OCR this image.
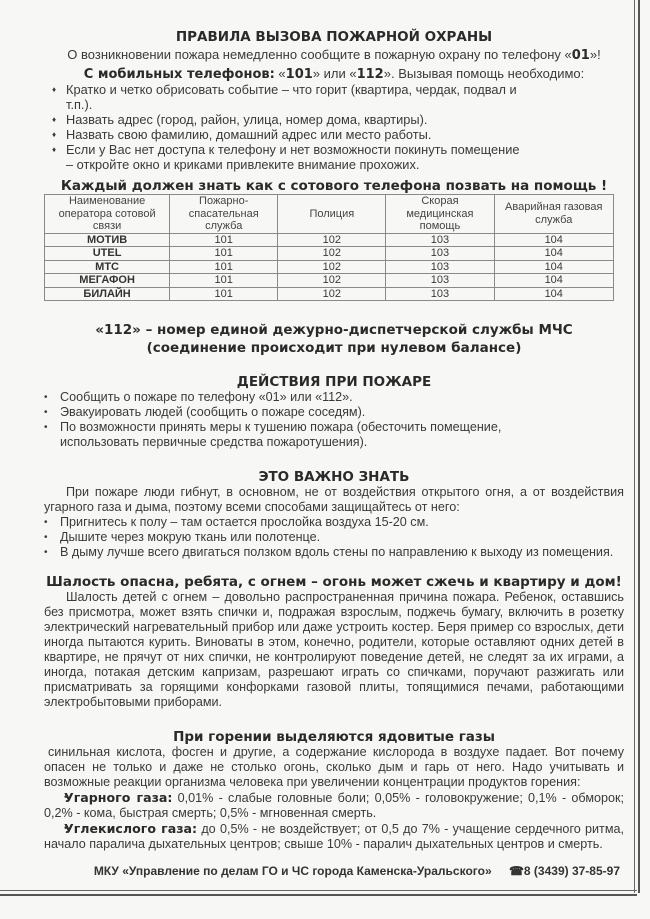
ПРАВИЛА ВЫЗОВА ПОЖАРНОЙ ОХРАНЫ
О возникновении пожара немедленно сообщите в пожарную охрану по телефону «01»!
С мобильных телефонов: «101» или «112». Вызывая помощь необходимо:
♦ Кратко и четко обрисовать событие – что горит (квартира, чердак, подвал и т.п.).
♦ Назвать адрес (город, район, улица, номер дома, квартиры).
♦ Назвать свою фамилию, домашний адрес или место работы.
♦ Если у Вас нет доступа к телефону и нет возможности покинуть помещение – откройте окно и криками привлеките внимание прохожих.
Каждый должен знать как с сотового телефона позвать на помощь !
Наименование оператора сотовой связи	Пожарно-спасательная служба	Полиция	Скорая медицинская помощь	Аварийная газовая служба
МОТИВ	101	102	103	104
UTEL	101	102	103	104
МТС	101	102	103	104
МЕГАФОН	101	102	103	104
БИЛАЙН	101	102	103	104
«112» – номер единой дежурно-диспетчерской службы МЧС
(соединение происходит при нулевом балансе)
ДЕЙСТВИЯ ПРИ ПОЖАРЕ
• Сообщить о пожаре по телефону «01» или «112».
• Эвакуировать людей (сообщить о пожаре соседям).
• По возможности принять меры к тушению пожара (обесточить помещение, использовать первичные средства пожаротушения).
ЭТО ВАЖНО ЗНАТЬ
При пожаре люди гибнут, в основном, не от воздействия открытого огня, а от воздействия угарного газа и дыма, поэтому всеми способами защищайтесь от него:
• Пригнитесь к полу – там остается прослойка воздуха 15-20 см.
• Дышите через мокрую ткань или полотенце.
• В дыму лучше всего двигаться ползком вдоль стены по направлению к выходу из помещения.
Шалость опасна, ребята, с огнем – огонь может сжечь и квартиру и дом!
Шалость детей с огнем – довольно распространенная причина пожара. Ребенок, оставшись без присмотра, может взять спички и, подражая взрослым, поджечь бумагу, включить в розетку электрический нагревательный прибор или даже устроить костер. Беря пример со взрослых, дети иногда пытаются курить. Виноваты в этом, конечно, родители, которые оставляют одних детей в квартире, не прячут от них спички, не контролируют поведение детей, не следят за их играми, а иногда, потакая детским капризам, разрешают играть со спичками, поручают разжигать или присматривать за горящими конфорками газовой плиты, топящимися печами, работающими электробытовыми приборами.
При горении выделяются ядовитые газы
синильная кислота, фосген и другие, а содержание кислорода в воздухе падает. Вот почему опасен не только и даже не столько огонь, сколько дым и гарь от него. Надо учитывать и возможные реакции организма человека при увеличении концентрации продуктов горения:
• Угарного газа: 0,01% - слабые головные боли; 0,05% - головокружение; 0,1% - обморок; 0,2% - кома, быстрая смерть; 0,5% - мгновенная смерть.
• Углекислого газа: до 0,5% - не воздействует; от 0,5 до 7% - учащение сердечного ритма, начало паралича дыхательных центров; свыше 10% - паралич дыхательных центров и смерть.
МКУ «Управление по делам ГО и ЧС города Каменска-Уральского» ☎8 (3439) 37-85-97
